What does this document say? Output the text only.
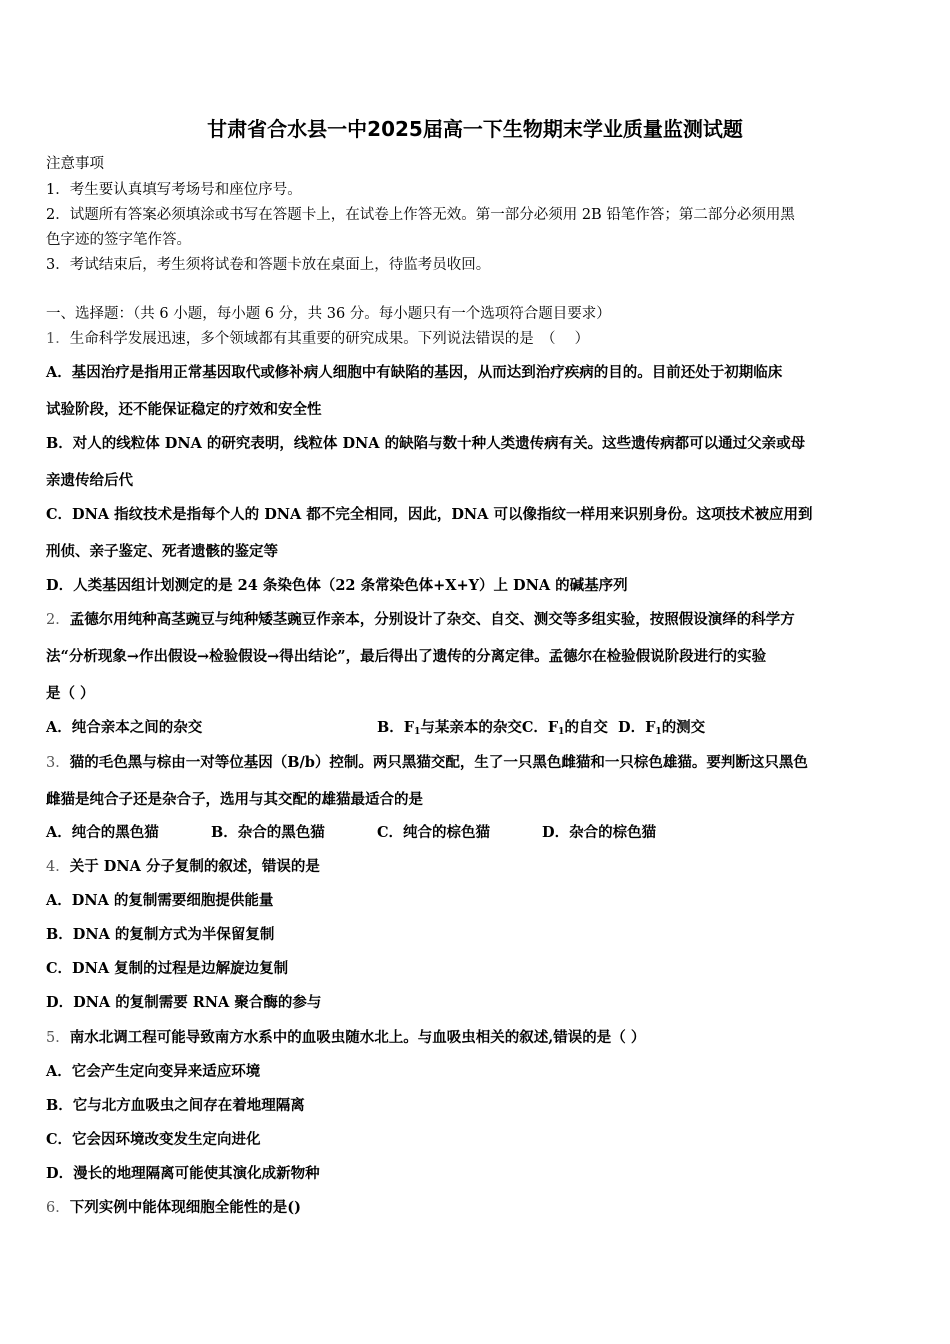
甘肃省合水县一中2025届高一下生物期末学业质量监测试题
注意事项
1．考生要认真填写考场号和座位序号。
2．试题所有答案必须填涂或书写在答题卡上，在试卷上作答无效。第一部分必须用 2B 铅笔作答；第二部分必须用黑
色字迹的签字笔作答。
3．考试结束后，考生须将试卷和答题卡放在桌面上，待监考员收回。
一、选择题：（共 6 小题，每小题 6 分，共 36 分。每小题只有一个选项符合题目要求）
1．生命科学发展迅速，多个领域都有其重要的研究成果。下列说法错误的是　（　 ）
A．基因治疗是指用正常基因取代或修补病人细胞中有缺陷的基因，从而达到治疗疾病的目的。目前还处于初期临床
试验阶段，还不能保证稳定的疗效和安全性
B．对人的线粒体 DNA 的研究表明，线粒体 DNA 的缺陷与数十种人类遗传病有关。这些遗传病都可以通过父亲或母
亲遗传给后代
C．DNA 指纹技术是指每个人的 DNA 都不完全相同，因此，DNA 可以像指纹一样用来识别身份。这项技术被应用到
刑侦、亲子鉴定、死者遗骸的鉴定等
D．人类基因组计划测定的是 24 条染色体（22 条常染色体+X+Y）上 DNA 的碱基序列
2．孟德尔用纯种高茎豌豆与纯种矮茎豌豆作亲本，分别设计了杂交、自交、测交等多组实验，按照假设演绎的科学方
法“分析现象→作出假设→检验假设→得出结论”，最后得出了遗传的分离定律。孟德尔在检验假说阶段进行的实验
是（ ）
A．纯合亲本之间的杂交	B．$F_1$与某亲本的杂交C．$F_1$的自交 D．$F_1$的测交
3．猫的毛色黑与棕由一对等位基因（B/b）控制。两只黑猫交配，生了一只黑色雌猫和一只棕色雄猫。要判断这只黑色
雌猫是纯合子还是杂合子，选用与其交配的雄猫最适合的是
A．纯合的黑色猫	B．杂合的黑色猫	C．纯合的棕色猫	D．杂合的棕色猫
4．关于 DNA 分子复制的叙述，错误的是
A．DNA 的复制需要细胞提供能量
B．DNA 的复制方式为半保留复制
C．DNA 复制的过程是边解旋边复制
D．DNA 的复制需要 RNA 聚合酶的参与
5．南水北调工程可能导致南方水系中的血吸虫随水北上。与血吸虫相关的叙述,错误的是（ ）
A．它会产生定向变异来适应环境
B．它与北方血吸虫之间存在着地理隔离
C．它会因环境改变发生定向进化
D．漫长的地理隔离可能使其演化成新物种
6．下列实例中能体现细胞全能性的是()
